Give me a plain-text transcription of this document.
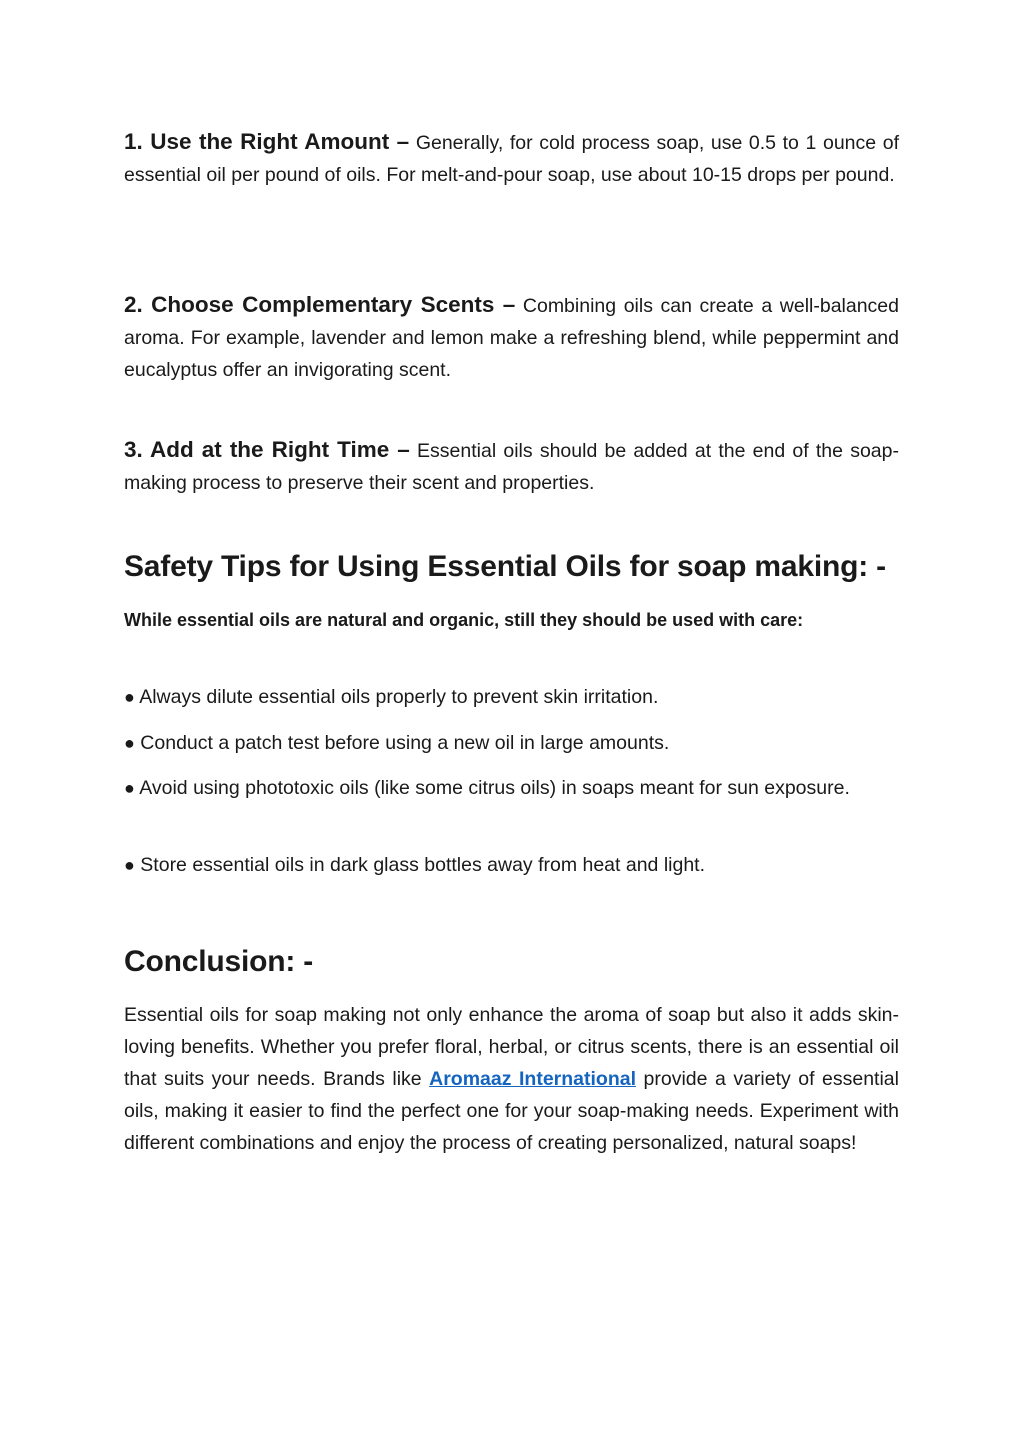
1. Use the Right Amount – Generally, for cold process soap, use 0.5 to 1 ounce of essential oil per pound of oils. For melt-and-pour soap, use about 10-15 drops per pound.

2. Choose Complementary Scents – Combining oils can create a well-balanced aroma. For example, lavender and lemon make a refreshing blend, while peppermint and eucalyptus offer an invigorating scent.

3. Add at the Right Time – Essential oils should be added at the end of the soap-making process to preserve their scent and properties.

Safety Tips for Using Essential Oils for soap making: -

While essential oils are natural and organic, still they should be used with care:

● Always dilute essential oils properly to prevent skin irritation.

● Conduct a patch test before using a new oil in large amounts.

● Avoid using phototoxic oils (like some citrus oils) in soaps meant for sun exposure.

● Store essential oils in dark glass bottles away from heat and light.

Conclusion: -

Essential oils for soap making not only enhance the aroma of soap but also it adds skin-loving benefits. Whether you prefer floral, herbal, or citrus scents, there is an essential oil that suits your needs. Brands like Aromaaz International provide a variety of essential oils, making it easier to find the perfect one for your soap-making needs. Experiment with different combinations and enjoy the process of creating personalized, natural soaps!
